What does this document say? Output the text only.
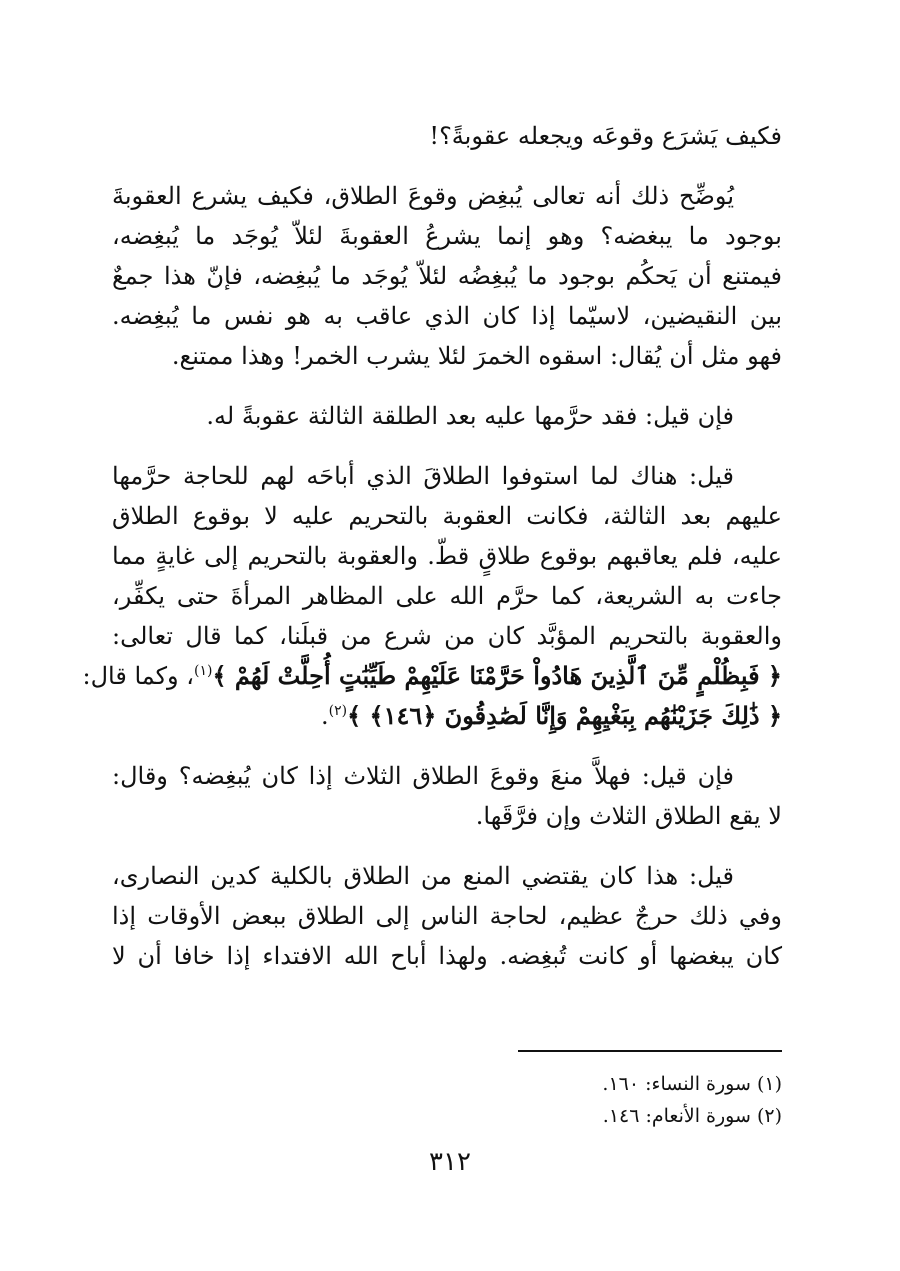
فكيف يَشرَع وقوعَه ويجعله عقوبةً؟!
يُوضِّح ذلك أنه تعالى يُبغِض وقوعَ الطلاق، فكيف يشرع العقوبةَ
بوجود ما يبغضه؟ وهو إنما يشرعُ العقوبةَ لئلاّ يُوجَد ما يُبغِضه،
فيمتنع أن يَحكُم بوجود ما يُبغِضُه لئلاّ يُوجَد ما يُبغِضه، فإنّ هذا جمعٌ
بين النقيضين، لاسيّما إذا كان الذي عاقب به هو نفس ما يُبغِضه.
فهو مثل أن يُقال: اسقوه الخمرَ لئلا يشرب الخمر! وهذا ممتنع.
فإن قيل: فقد حرَّمها عليه بعد الطلقة الثالثة عقوبةً له.
قيل: هناك لما استوفوا الطلاقَ الذي أباحَه لهم للحاجة حرَّمها
عليهم بعد الثالثة، فكانت العقوبة بالتحريم عليه لا بوقوع الطلاق
عليه، فلم يعاقبهم بوقوع طلاقٍ قطّ. والعقوبة بالتحريم إلى غايةٍ مما
جاءت به الشريعة، كما حرَّم الله على المظاهر المرأةَ حتى يكفِّر،
والعقوبة بالتحريم المؤبَّد كان من شرع من قبلَنا، كما قال تعالى:
﴿ فَبِظُلْمٍ مِّنَ ٱلَّذِينَ هَادُواْ حَرَّمْنَا عَلَيْهِمْ طَيِّبَٰتٍ أُحِلَّتْ لَهُمْ ﴾$^{(١)}$، وكما قال:
﴿ ذَٰلِكَ جَزَيْنَٰهُم بِبَغْيِهِمْ وَإِنَّا لَصَٰدِقُونَ ﴿١٤٦﴾ ﴾$^{(٢)}$.
فإن قيل: فهلاَّ منعَ وقوعَ الطلاق الثلاث إذا كان يُبغِضه؟ وقال:
لا يقع الطلاق الثلاث وإن فرَّقَها.
قيل: هذا كان يقتضي المنع من الطلاق بالكلية كدين النصارى،
وفي ذلك حرجٌ عظيم، لحاجة الناس إلى الطلاق ببعض الأوقات إذا
كان يبغضها أو كانت تُبغِضه. ولهذا أباح الله الافتداء إذا خافا أن لا
(١) سورة النساء: ١٦٠.
(٢) سورة الأنعام: ١٤٦.
٣١٢
